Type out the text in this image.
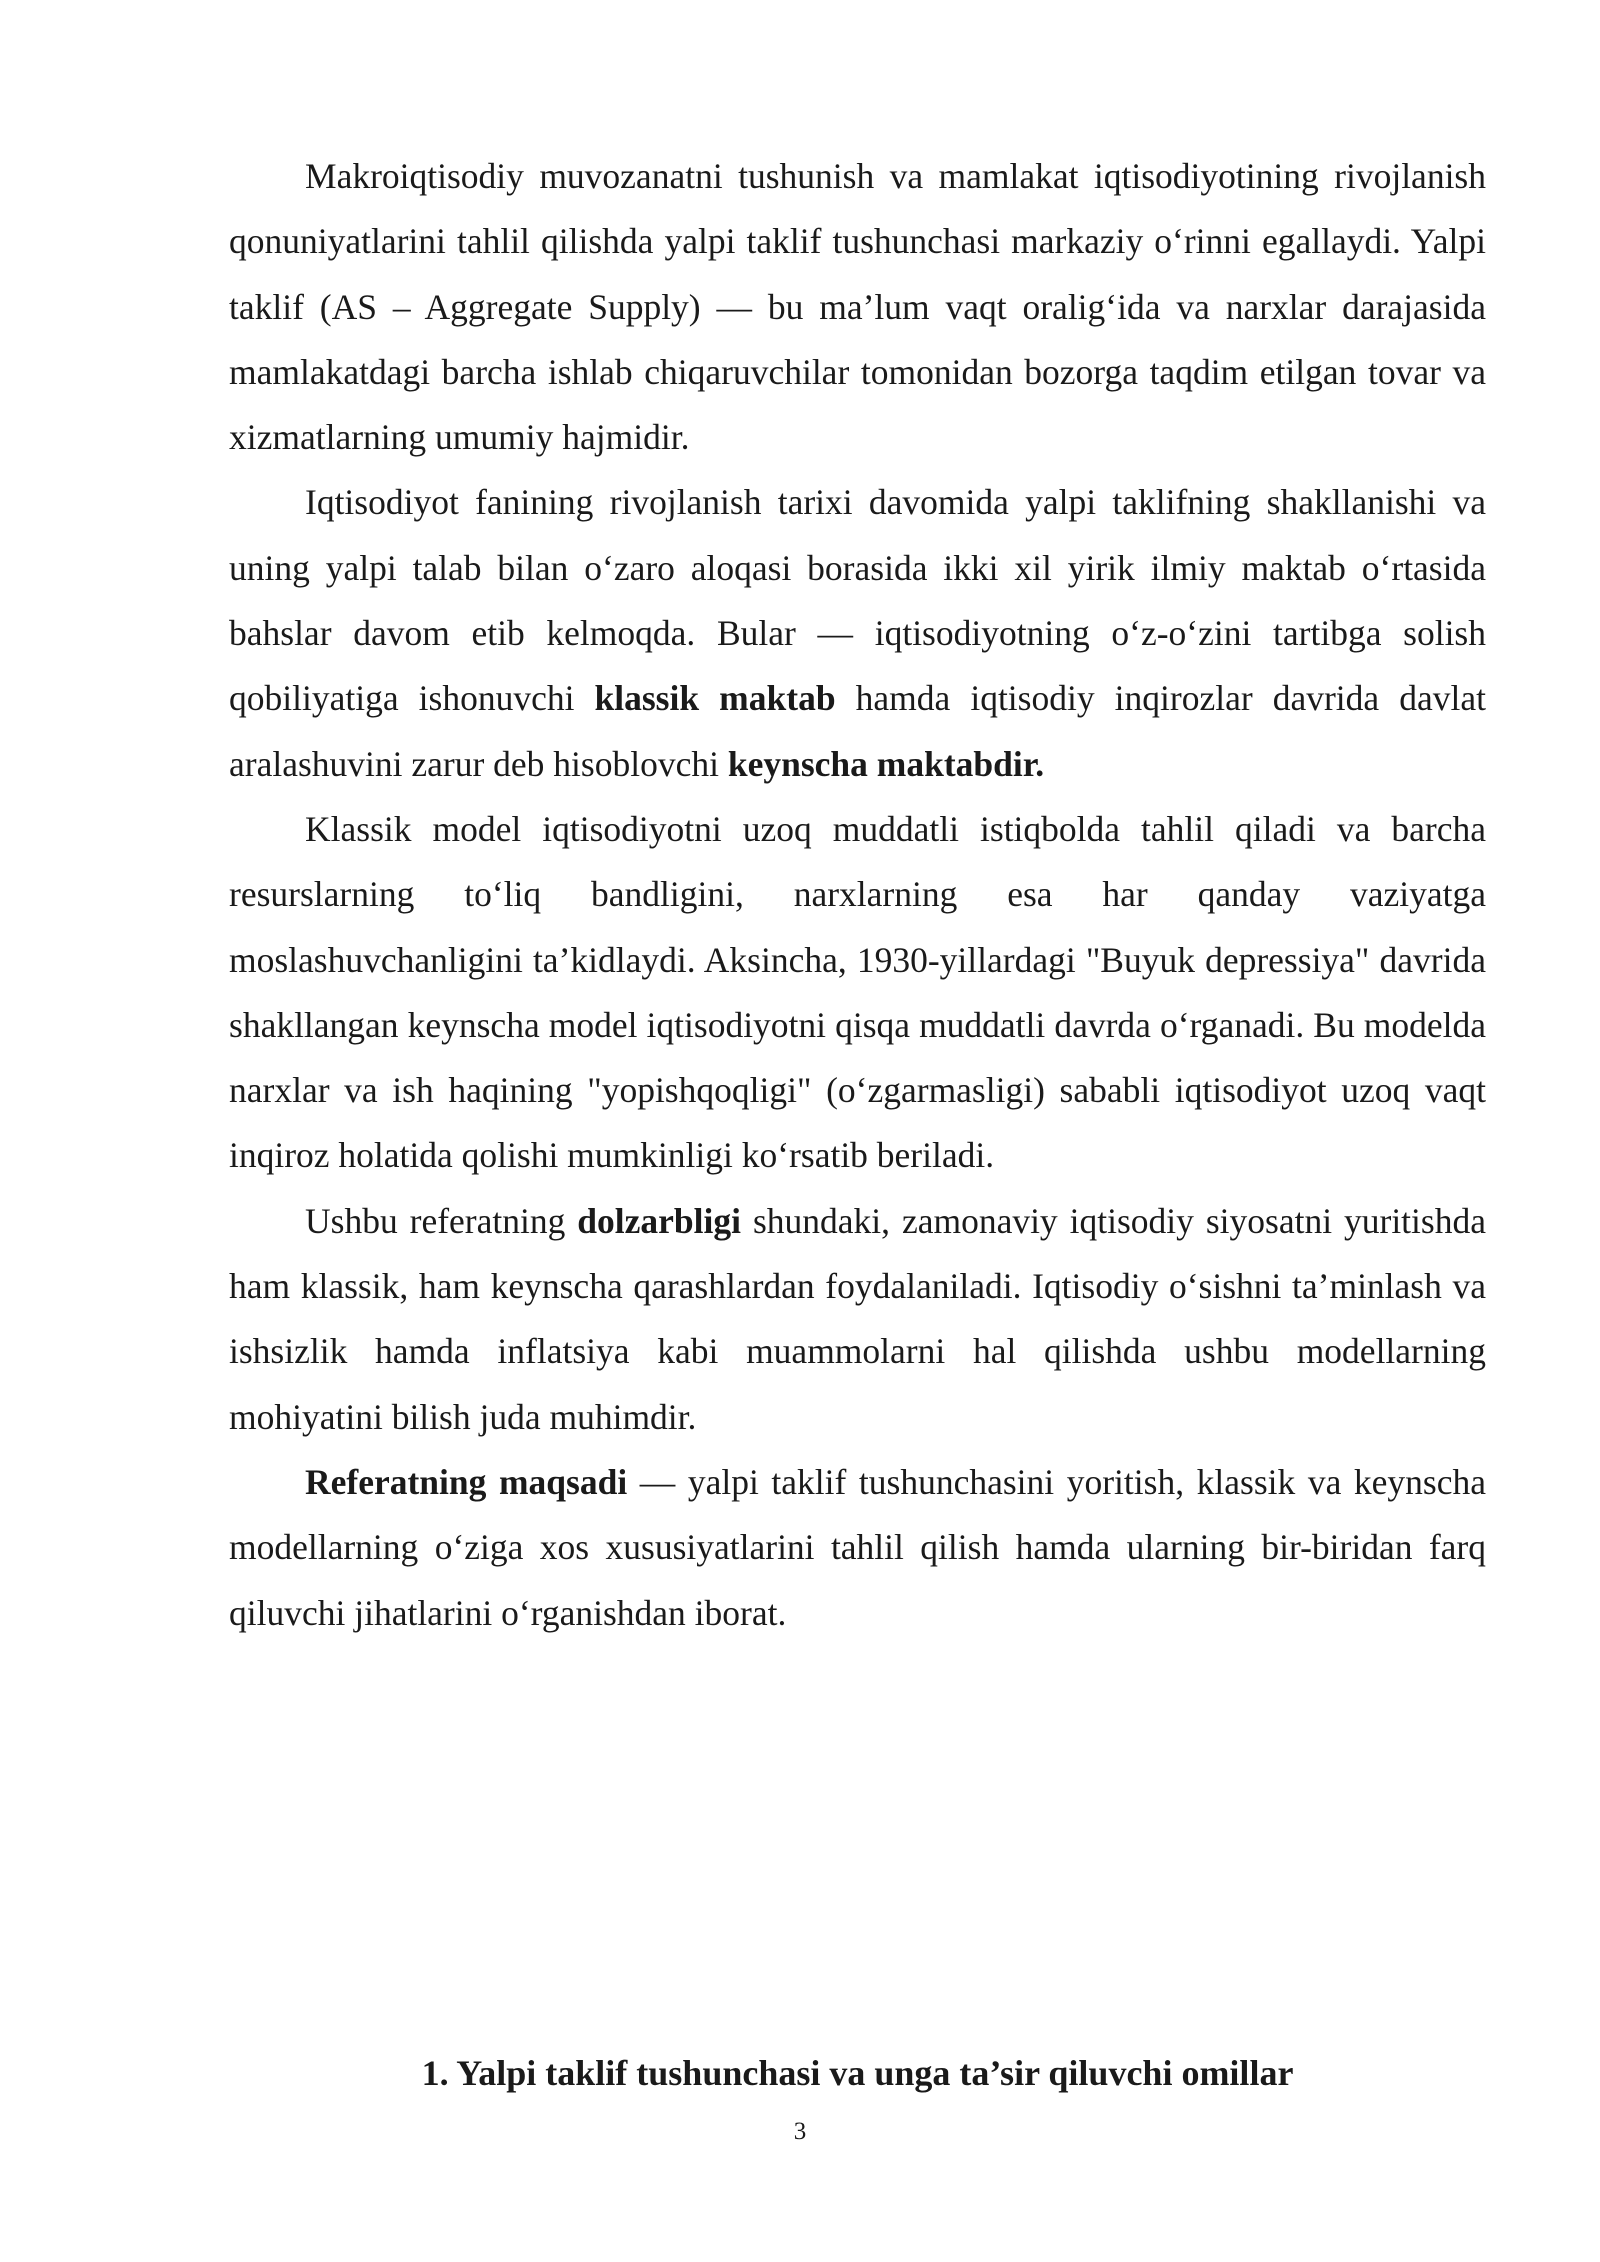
Makroiqtisodiy muvozanatni tushunish va mamlakat iqtisodiyotining rivojlanish qonuniyatlarini tahlil qilishda yalpi taklif tushunchasi markaziy o‘rinni egallaydi. Yalpi taklif (AS – Aggregate Supply) — bu ma’lum vaqt oralig‘ida va narxlar darajasida mamlakatdagi barcha ishlab chiqaruvchilar tomonidan bozorga taqdim etilgan tovar va xizmatlarning umumiy hajmidir.

Iqtisodiyot fanining rivojlanish tarixi davomida yalpi taklifning shakllanishi va uning yalpi talab bilan o‘zaro aloqasi borasida ikki xil yirik ilmiy maktab o‘rtasida bahslar davom etib kelmoqda. Bular — iqtisodiyotning o‘z-o‘zini tartibga solish qobiliyatiga ishonuvchi klassik maktab hamda iqtisodiy inqirozlar davrida davlat aralashuvini zarur deb hisoblovchi keynscha maktabdir.

Klassik model iqtisodiyotni uzoq muddatli istiqbolda tahlil qiladi va barcha resurslarning to‘liq bandligini, narxlarning esa har qanday vaziyatga moslashuvchanligini ta’kidlaydi. Aksincha, 1930-yillardagi "Buyuk depressiya" davrida shakllangan keynscha model iqtisodiyotni qisqa muddatli davrda o‘rganadi. Bu modelda narxlar va ish haqining "yopishqoqligi" (o‘zgarmasligi) sababli iqtisodiyot uzoq vaqt inqiroz holatida qolishi mumkinligi ko‘rsatib beriladi.

Ushbu referatning dolzarbligi shundaki, zamonaviy iqtisodiy siyosatni yuritishda ham klassik, ham keynscha qarashlardan foydalaniladi. Iqtisodiy o‘sishni ta’minlash va ishsizlik hamda inflatsiya kabi muammolarni hal qilishda ushbu modellarning mohiyatini bilish juda muhimdir.

Referatning maqsadi — yalpi taklif tushunchasini yoritish, klassik va keynscha modellarning o‘ziga xos xususiyatlarini tahlil qilish hamda ularning bir-biridan farq qiluvchi jihatlarini o‘rganishdan iborat.

1. Yalpi taklif tushunchasi va unga ta’sir qiluvchi omillar
3
